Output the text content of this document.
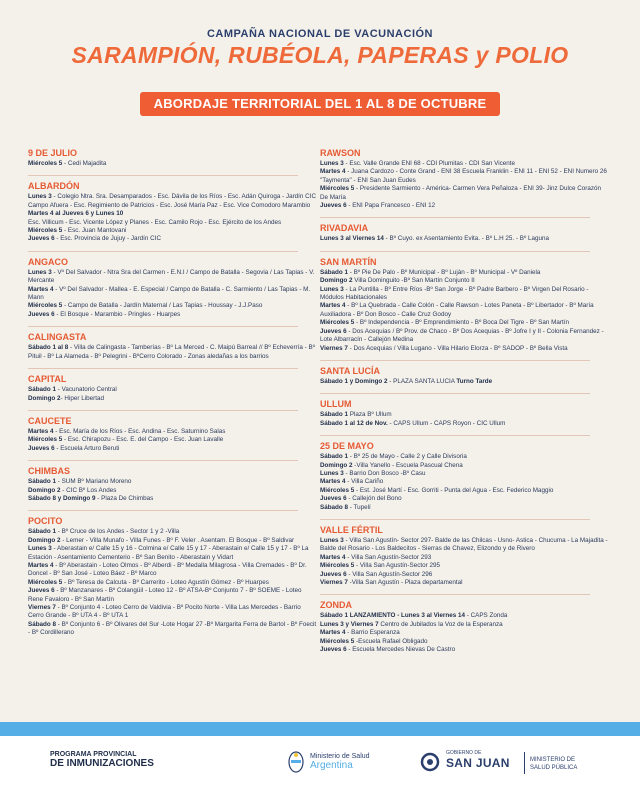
CAMPAÑA NACIONAL DE VACUNACIÓN
SARAMPIÓN, RUBÉOLA, PAPERAS y POLIO
ABORDAJE TERRITORIAL DEL 1 AL 8 DE OCTUBRE
9 DE JULIO
Miércoles 5 - Cedi Majadita
ALBARDÓN
Lunes 3 - Colegio Ntra. Sra. Desamparados - Esc. Dávila de los Ríos - Esc. Adán Quiroga - Jardín CIC Campo Afuera - Esc. Regimiento de Patricios - Esc. José María Paz - Esc. Vice Comodoro Marambio
Martes 4 al Jueves 6 y Lunes 10
Esc. Villicum - Esc. Vicente López y Planes - Esc. Camilo Rojo - Esc. Ejército de los Andes
Miércoles 5 - Esc. Juan Mantovani
Jueves 6 - Esc. Provincia de Jujuy - Jardín CIC
ANGACO
Lunes 3 - Vº Del Salvador - Ntra Sra del Carmen - E.N.I / Campo de Batalla - Segovia / Las Tapias - V. Mercante
Martes 4 - Vº Del Salvador - Mallea - E. Especial / Campo de Batalla - C. Sarmiento / Las Tapias - M. Mann
Miércoles 5 - Campo de Batalla - Jardín Maternal / Las Tapias - Houssay - J.J.Paso
Jueves 6 - El Bosque - Marambio - Pringles - Huarpes
CALINGASTA
Sábado 1 al 8 - Villa de Calingasta - Tamberías - Bº La Merced - C. Maipú Barreal // Bº Echeverría - Bº Pituil - Bº La Alameda - Bº Pelegrini - BºCerro Colorado - Zonas aledañas a los barrios
CAPITAL
Sábado 1 - Vacunatorio Central
Domingo 2- Hiper Libertad
CAUCETE
Martes 4 - Esc. María de los Ríos - Esc. Andina - Esc. Saturnino Salas
Miércoles 5 - Esc. Chirapozu - Esc. E. del Campo - Esc. Juan Lavalle
Jueves 6 - Escuela Arturo Beruti
CHIMBAS
Sábado 1 - SUM Bº Mariano Moreno
Domingo 2 - CIC Bº Los Andes
Sábado 8 y Domingo 9 - Plaza De Chimbas
POCITO
Sábado 1 - Bº Cruce de los Andes - Sector 1 y 2 -Villa
Domingo 2 - Lemer - Villa Munafo - Villa Funes - Bº F. Veler . Asentam. El Bosque - Bº Saldivar
Lunes 3 - Aberastain e/ Calle 15 y 16 - Colmina e/ Calle 15 y 17 - Aberastain e/ Calle 15 y 17 - Bº La Estación - Asentamiento Cementerio - Bº San Benito - Aberastain y Vidart
Martes 4 - Bº Aberastain - Loteo Olmos - Bº Alberdi - Bº Medalla Milagrosa - Villa Cremades - Bº Dr. Doncel - Bº San José - Loteo Báez - Bº Marco
Miércoles 5 - Bº Teresa de Calcuta - Bº Carrerito - Loteo Agustín Gómez - Bº Huarpes
Jueves 6 - Bº Manzanares - Bº Colangüil - Loteo 12 - Bº ATSA-Bº Conjunto 7 - Bº SOEME - Loteo Rene Favaloro - Bº San Martín
Viernes 7 - Bº Conjunto 4 - Loteo Cerro de Valdivia - Bº Pocito Norte - Villa Las Mercedes - Barrio Cerro Grande - Bº UTA 4 - Bº UTA 1
Sábado 8 - Bº Conjunto 6 - Bº Olivares del Sur -Lote Hogar 27 -Bº Margarita Ferra de Bartol - Bº Foecit - Bº Cordillerano
RAWSON
Lunes 3 - Esc. Valle Grande ENI 68 - CDI Plumitas - CDI San Vicente
Martes 4 - Juana Cardozo - Conte Grand - ENI 38 Escuela Franklin - ENI 11 - ENI 52 - ENI Numero 26 "Taymenta" - ENI San Juan Eudes
Miércoles 5 - Presidente Sarmiento - América- Carmen Vera Peñaloza - ENI 39- Jinz Dulce Corazón De María
Jueves 6 - ENI Papa Francesco - ENI 12
RIVADAVIA
Lunes 3 al Viernes 14 - Bº Cuyo. ex Asentamiento Evita. - Bº L.H 25. - Bº Laguna
SAN MARTÍN
Sábado 1 - Bº Pie De Palo - Bº Municipal - Bº Luján - Bº Municipal - Vº Daniela
Domingo 2 Villa Dominguito -Bº San Martín Conjunto II
Lunes 3 - La Puntilla - Bº Entre Ríos -Bº San Jorge - Bº Padre Barbero - Bº Virgen Del Rosario - Módulos Habitacionales
Martes 4 - Bº La Quebrada - Calle Colón - Calle Rawson - Lotes Paneta - Bº Libertador - Bº María Auxiliadora - Bº Don Bosco - Calle Cruz Godoy
Miércoles 5 - Bº Independencia - Bº Emprendimiento - Bº Boca Del Tigre - Bº San Martín
Jueves 6 - Dos Acequias / Bº Prov. de Chaco - Bº Dos Acequias - Bº Jofre I y II - Colonia Fernandez - Lote Albarracín - Callejón Medina
Viernes 7 - Dos Acequias / Villa Lugano - Villa Hilario Elorza - Bº SADOP - Bº Bella Vista
SANTA LUCÍA
Sábado 1 y Domingo 2 - PLAZA SANTA LUCIA Turno Tarde
ULLUM
Sábado 1 Plaza Bº Ullum
Sábado 1 al 12 de Nov. - CAPS Ullum - CAPS Royon - CIC Ullum
25 DE MAYO
Sábado 1 - Bº 25 de Mayo - Calle 2 y Calle Divisoria
Domingo 2 -Villa Yanello - Escuela Pascual Chena
Lunes 3 - Barrio Don Bosco -Bº Casu
Martes 4 - Villa Cariño
Miércoles 5 - Est. José Martí - Esc. Gorriti - Punta del Agua - Esc. Federico Maggio
Jueves 6 - Callejón del Bono
Sábado 8 - Tupelí
VALLE FÉRTIL
Lunes 3 - Villa San Agustín- Sector 297- Balde de las Chilcas - Usno- Astica - Chucuma - La Majadita - Balde del Rosario - Los Baldecitos - Sierras de Chavez, Elizondo y de Rivero
Martes 4 - Villa San Agustín-Sector 293
Miércoles 5 - Villa San Agustín-Sector 295
Jueves 6 - Villa San Agustín-Sector 296
Viernes 7 -Villa San Agustín - Plaza departamental
ZONDA
Sábado 1 LANZAMIENTO - Lunes 3 al Viernes 14 - CAPS Zonda
Lunes 3 y Viernes 7 Centro de Jubilados la Voz de la Esperanza
Martes 4 - Barrio Esperanza
Miércoles 5 -Escuela Rafael Obligado
Jueves 6 - Escuela Mercedes Nievas De Castro
PROGRAMA PROVINCIAL
DE INMUNIZACIONES
Ministerio de Salud
Argentina
GOBIERNO DE
SAN JUAN	MINISTERIO DE
SALUD PÚBLICA
